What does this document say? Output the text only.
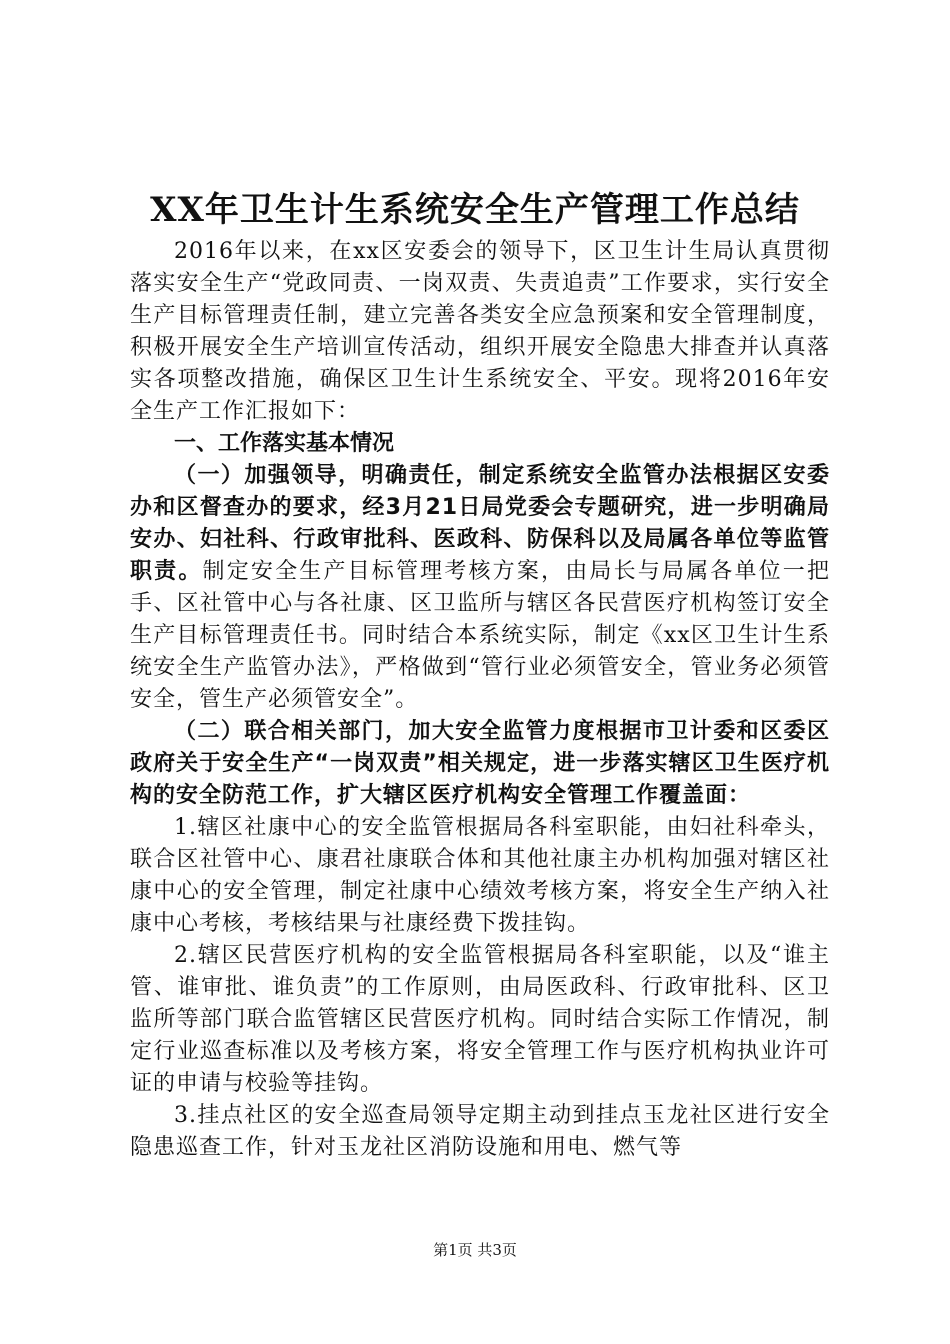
XX年卫生计生系统安全生产管理工作总结

2016年以来，在xx区安委会的领导下，区卫生计生局认真贯彻落实安全生产“党政同责、一岗双责、失责追责”工作要求，实行安全生产目标管理责任制，建立完善各类安全应急预案和安全管理制度，积极开展安全生产培训宣传活动，组织开展安全隐患大排查并认真落实各项整改措施，确保区卫生计生系统安全、平安。现将2016年安全生产工作汇报如下：

一、工作落实基本情况

（一）加强领导，明确责任，制定系统安全监管办法根据区安委办和区督查办的要求，经3月21日局党委会专题研究，进一步明确局安办、妇社科、行政审批科、医政科、防保科以及局属各单位等监管职责。制定安全生产目标管理考核方案，由局长与局属各单位一把手、区社管中心与各社康、区卫监所与辖区各民营医疗机构签订安全生产目标管理责任书。同时结合本系统实际，制定《xx区卫生计生系统安全生产监管办法》，严格做到“管行业必须管安全，管业务必须管安全，管生产必须管安全”。

（二）联合相关部门，加大安全监管力度根据市卫计委和区委区政府关于安全生产“一岗双责”相关规定，进一步落实辖区卫生医疗机构的安全防范工作，扩大辖区医疗机构安全管理工作覆盖面：

1.辖区社康中心的安全监管根据局各科室职能，由妇社科牵头，联合区社管中心、康君社康联合体和其他社康主办机构加强对辖区社康中心的安全管理，制定社康中心绩效考核方案，将安全生产纳入社康中心考核，考核结果与社康经费下拨挂钩。

2.辖区民营医疗机构的安全监管根据局各科室职能，以及“谁主管、谁审批、谁负责”的工作原则，由局医政科、行政审批科、区卫监所等部门联合监管辖区民营医疗机构。同时结合实际工作情况，制定行业巡查标准以及考核方案，将安全管理工作与医疗机构执业许可证的申请与校验等挂钩。

3.挂点社区的安全巡查局领导定期主动到挂点玉龙社区进行安全隐患巡查工作，针对玉龙社区消防设施和用电、燃气等

第1页 共3页
